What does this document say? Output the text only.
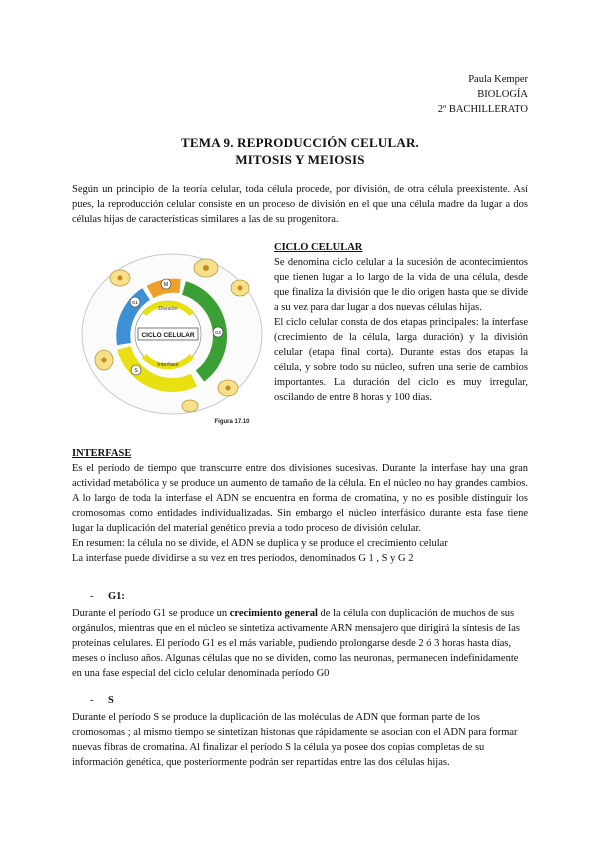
Paula Kemper
BIOLOGÍA
2º BACHILLERATO
TEMA 9. REPRODUCCIÓN CELULAR.
MITOSIS Y MEIOSIS

Según un principio de la teoría celular, toda célula procede, por división, de otra célula preexistente. Así pues, la reproducción celular consiste en un proceso de división en el que una célula madre da lugar a dos células hijas de características similares a las de su progenitora.

CICLO CELULAR
División
Interfase
G1
S
G2
M
Figura 17.10
CICLO CELULAR

Se denomina ciclo celular a la sucesión de acontecimientos que tienen lugar a lo largo de la vida de una célula, desde que finaliza la división que le dio origen hasta que se divide a su vez para dar lugar a dos nuevas células hijas.

El ciclo celular consta de dos etapas principales: la interfase (crecimiento de la célula, larga duración) y la división celular (etapa final corta). Durante estas dos etapas la célula, y sobre todo su núcleo, sufren una serie de cambios importantes. La duración del ciclo es muy irregular, oscilando de entre 8 horas y 100 días.

INTERFASE

Es el período de tiempo que transcurre entre dos divisiones sucesivas. Durante la interfase hay una gran actividad metabólica y se produce un aumento de tamaño de la célula. En el núcleo no hay grandes cambios. A lo largo de toda la interfase el ADN se encuentra en forma de cromatina, y no es posible distinguir los cromosomas como entidades individualizadas. Sin embargo el núcleo interfásico durante esta fase tiene lugar la duplicación del material genético previa a todo proceso de división celular.

En resumen: la célula no se divide, el ADN se duplica y se produce el crecimiento celular

La interfase puede dividirse a su vez en tres períodos, denominados G 1 , S y G 2

- G1:

Durante el período G1 se produce un crecimiento general de la célula con duplicación de muchos de sus orgánulos, mientras que en el núcleo se sintetiza activamente ARN mensajero que dirigirá la síntesis de las proteínas celulares. El período G1 es el más variable, pudiendo prolongarse desde 2 ó 3 horas hasta días, meses o incluso años. Algunas células que no se dividen, como las neuronas, permanecen indefinidamente en una fase especial del ciclo celular denominada período G0

- S

Durante el período S se produce la duplicación de las moléculas de ADN que forman parte de los cromosomas ; al mismo tiempo se sintetizan histonas que rápidamente se asocian con el ADN para formar nuevas fibras de cromatina. Al finalizar el período S la célula ya posee dos copias completas de su información genética, que posteriormente podrán ser repartidas entre las dos células hijas.
